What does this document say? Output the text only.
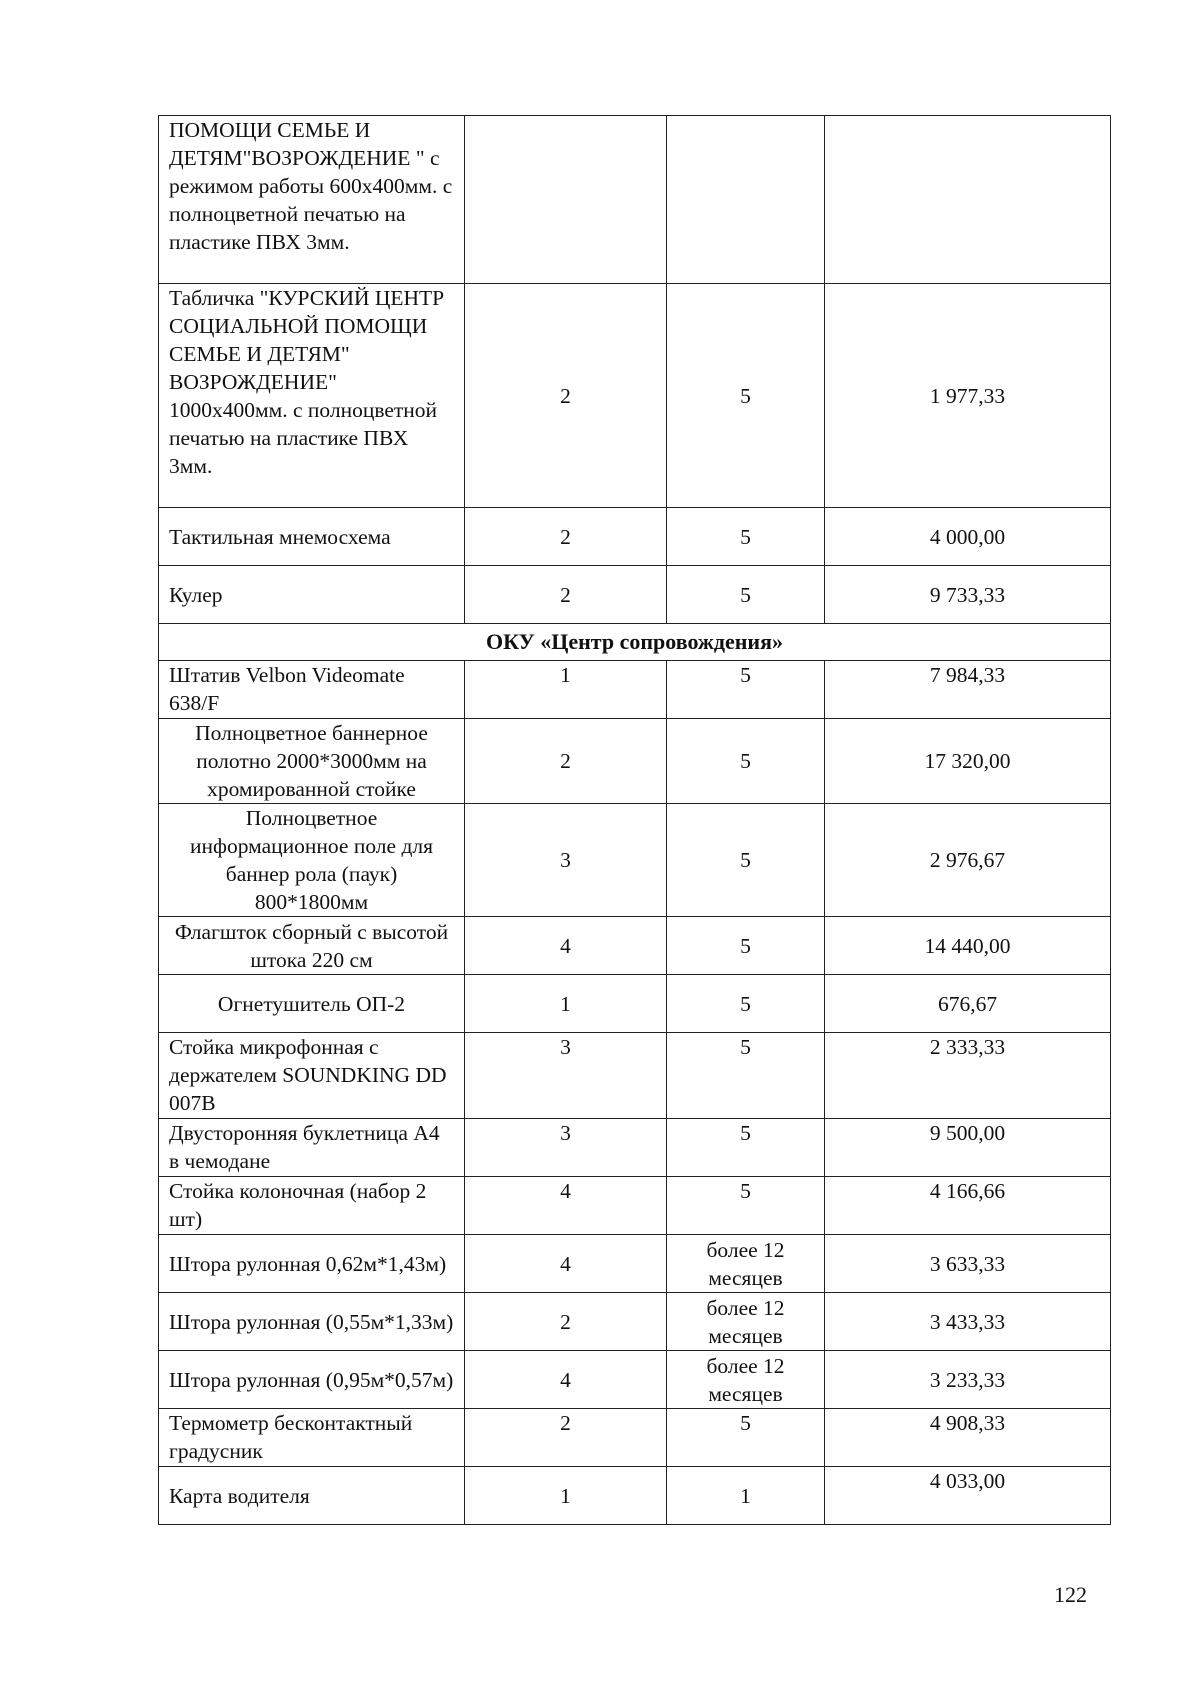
ПОМОЩИ СЕМЬЕ И ДЕТЯМ"ВОЗРОЖДЕНИЕ " с режимом работы 600х400мм. с полноцветной печатью на пластике ПВХ 3мм.			
Табличка "КУРСКИЙ ЦЕНТР СОЦИАЛЬНОЙ ПОМОЩИ СЕМЬЕ И ДЕТЯМ" ВОЗРОЖДЕНИЕ" 1000х400мм. с полноцветной печатью на пластике ПВХ 3мм.	2	5	1 977,33
Тактильная мнемосхема	2	5	4 000,00
Кулер	2	5	9 733,33
ОКУ «Центр сопровождения»			
Штатив Velbon Videomate 638/F	1	5	7 984,33
Полноцветное баннерное полотно 2000*3000мм на хромированной стойке	2	5	17 320,00
Полноцветное информационное поле для баннер рола (паук) 800*1800мм	3	5	2 976,67
Флагшток сборный с высотой штока 220 см	4	5	14 440,00
Огнетушитель ОП-2	1	5	676,67
Стойка микрофонная с держателем SOUNDKING DD 007B	3	5	2 333,33
Двусторонняя буклетница А4 в чемодане	3	5	9 500,00
Стойка колоночная (набор 2 шт)	4	5	4 166,66
Штора рулонная 0,62м*1,43м)	4	более 12 месяцев	3 633,33
Штора рулонная (0,55м*1,33м)	2	более 12 месяцев	3 433,33
Штора рулонная (0,95м*0,57м)	4	более 12 месяцев	3 233,33
Термометр бесконтактный градусник	2	5	4 908,33
Карта водителя	1	1	4 033,00
122
